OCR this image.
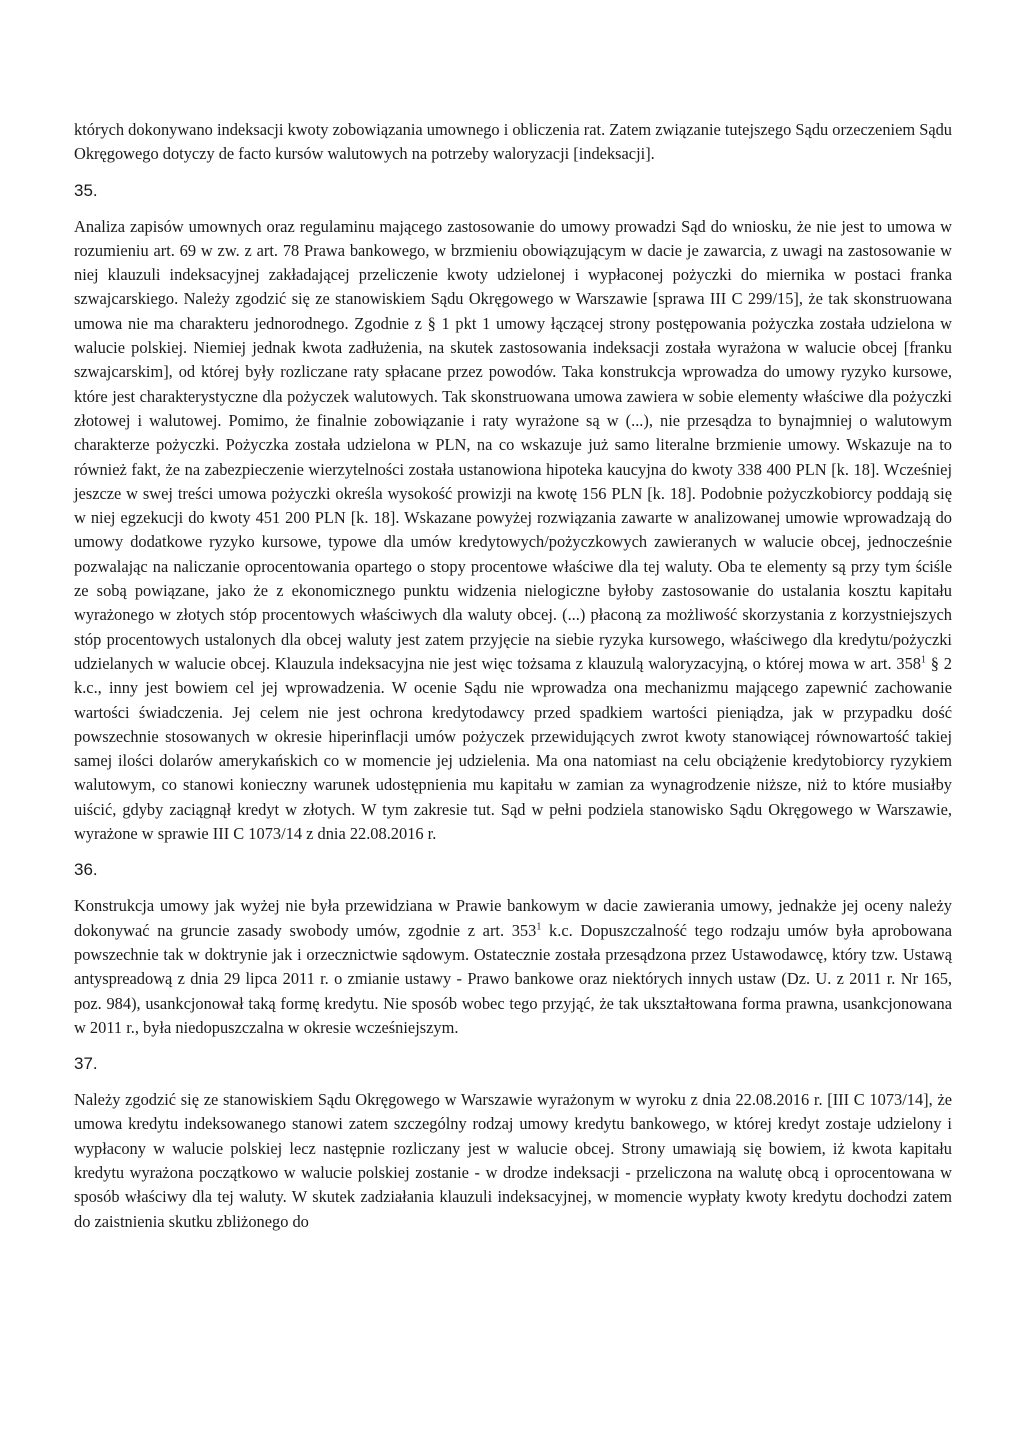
których dokonywano indeksacji kwoty zobowiązania umownego i obliczenia rat. Zatem związanie tutejszego Sądu orzeczeniem Sądu Okręgowego dotyczy de facto kursów walutowych na potrzeby waloryzacji [indeksacji].

35.

Analiza zapisów umownych oraz regulaminu mającego zastosowanie do umowy prowadzi Sąd do wniosku, że nie jest to umowa w rozumieniu art. 69 w zw. z art. 78 Prawa bankowego, w brzmieniu obowiązującym w dacie je zawarcia, z uwagi na zastosowanie w niej klauzuli indeksacyjnej zakładającej przeliczenie kwoty udzielonej i wypłaconej pożyczki do miernika w postaci franka szwajcarskiego. Należy zgodzić się ze stanowiskiem Sądu Okręgowego w Warszawie [sprawa III C 299/15], że tak skonstruowana umowa nie ma charakteru jednorodnego. Zgodnie z § 1 pkt 1 umowy łączącej strony postępowania pożyczka została udzielona w walucie polskiej. Niemiej jednak kwota zadłużenia, na skutek zastosowania indeksacji została wyrażona w walucie obcej [franku szwajcarskim], od której były rozliczane raty spłacane przez powodów. Taka konstrukcja wprowadza do umowy ryzyko kursowe, które jest charakterystyczne dla pożyczek walutowych. Tak skonstruowana umowa zawiera w sobie elementy właściwe dla pożyczki złotowej i walutowej. Pomimo, że finalnie zobowiązanie i raty wyrażone są w (...), nie przesądza to bynajmniej o walutowym charakterze pożyczki. Pożyczka została udzielona w PLN, na co wskazuje już samo literalne brzmienie umowy. Wskazuje na to również fakt, że na zabezpieczenie wierzytelności została ustanowiona hipoteka kaucyjna do kwoty 338 400 PLN [k. 18]. Wcześniej jeszcze w swej treści umowa pożyczki określa wysokość prowizji na kwotę 156 PLN [k. 18]. Podobnie pożyczkobiorcy poddają się w niej egzekucji do kwoty 451 200 PLN [k. 18]. Wskazane powyżej rozwiązania zawarte w analizowanej umowie wprowadzają do umowy dodatkowe ryzyko kursowe, typowe dla umów kredytowych/pożyczkowych zawieranych w walucie obcej, jednocześnie pozwalając na naliczanie oprocentowania opartego o stopy procentowe właściwe dla tej waluty. Oba te elementy są przy tym ściśle ze sobą powiązane, jako że z ekonomicznego punktu widzenia nielogiczne byłoby zastosowanie do ustalania kosztu kapitału wyrażonego w złotych stóp procentowych właściwych dla waluty obcej. (...) płaconą za możliwość skorzystania z korzystniejszych stóp procentowych ustalonych dla obcej waluty jest zatem przyjęcie na siebie ryzyka kursowego, właściwego dla kredytu/pożyczki udzielanych w walucie obcej. Klauzula indeksacyjna nie jest więc tożsama z klauzulą waloryzacyjną, o której mowa w art. $358^1$ § 2 k.c., inny jest bowiem cel jej wprowadzenia. W ocenie Sądu nie wprowadza ona mechanizmu mającego zapewnić zachowanie wartości świadczenia. Jej celem nie jest ochrona kredytodawcy przed spadkiem wartości pieniądza, jak w przypadku dość powszechnie stosowanych w okresie hiperinflacji umów pożyczek przewidujących zwrot kwoty stanowiącej równowartość takiej samej ilości dolarów amerykańskich co w momencie jej udzielenia. Ma ona natomiast na celu obciążenie kredytobiorcy ryzykiem walutowym, co stanowi konieczny warunek udostępnienia mu kapitału w zamian za wynagrodzenie niższe, niż to które musiałby uiścić, gdyby zaciągnął kredyt w złotych. W tym zakresie tut. Sąd w pełni podziela stanowisko Sądu Okręgowego w Warszawie, wyrażone w sprawie III C 1073/14 z dnia 22.08.2016 r.

36.

Konstrukcja umowy jak wyżej nie była przewidziana w Prawie bankowym w dacie zawierania umowy, jednakże jej oceny należy dokonywać na gruncie zasady swobody umów, zgodnie z art. $353^1$ k.c. Dopuszczalność tego rodzaju umów była aprobowana powszechnie tak w doktrynie jak i orzecznictwie sądowym. Ostatecznie została przesądzona przez Ustawodawcę, który tzw. Ustawą antyspreadową z dnia 29 lipca 2011 r. o zmianie ustawy - Prawo bankowe oraz niektórych innych ustaw (Dz. U. z 2011 r. Nr 165, poz. 984), usankcjonował taką formę kredytu. Nie sposób wobec tego przyjąć, że tak ukształtowana forma prawna, usankcjonowana w 2011 r., była niedopuszczalna w okresie wcześniejszym.

37.

Należy zgodzić się ze stanowiskiem Sądu Okręgowego w Warszawie wyrażonym w wyroku z dnia 22.08.2016 r. [III C 1073/14], że umowa kredytu indeksowanego stanowi zatem szczególny rodzaj umowy kredytu bankowego, w której kredyt zostaje udzielony i wypłacony w walucie polskiej lecz następnie rozliczany jest w walucie obcej. Strony umawiają się bowiem, iż kwota kapitału kredytu wyrażona początkowo w walucie polskiej zostanie - w drodze indeksacji - przeliczona na walutę obcą i oprocentowana w sposób właściwy dla tej waluty. W skutek zadziałania klauzuli indeksacyjnej, w momencie wypłaty kwoty kredytu dochodzi zatem do zaistnienia skutku zbliżonego do
